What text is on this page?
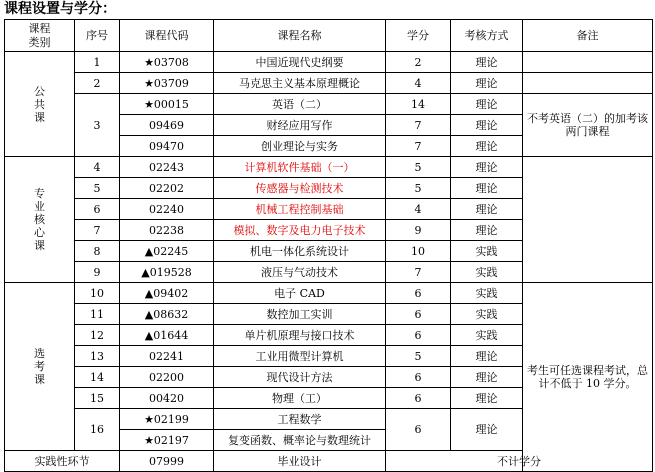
课程设置与学分：
课程
类别	序号	课程代码	课程名称	学分	考核方式	备注

公
共
课	1	★03708	中国近现代史纲要	2	理论	
	2	★03709	马克思主义基本原理概论	4	理论	
	3	★00015	英语（二）	14	理论	不考英语（二）的加考该两门课程
		09469	财经应用写作	7	理论	
		09470	创业理论与实务	7	理论	

专
业
核
心
课	4	02243	计算机软件基础（一）	5	理论	
	5	02202	传感器与检测技术	5	理论	
	6	02240	机械工程控制基础	4	理论	
	7	02238	模拟、数字及电力电子技术	9	理论	
	8	▲02245	机电一体化系统设计	10	实践	
	9	▲019528	液压与气动技术	7	实践	

选
考
课	10	▲09402	电子 CAD	6	实践	考生可任选课程考试，总计不低于 10 学分。
	11	▲08632	数控加工实训	6	实践	
	12	▲01644	单片机原理与接口技术	6	实践	
	13	02241	工业用微型计算机	5	理论	
	14	02200	现代设计方法	6	理论	
	15	00420	物理（工）	6	理论	
	16	★02199	工程数学	6	理论	
		★02197	复变函数、概率论与数理统计			
实践性环节		07999	毕业设计	不计学分		
